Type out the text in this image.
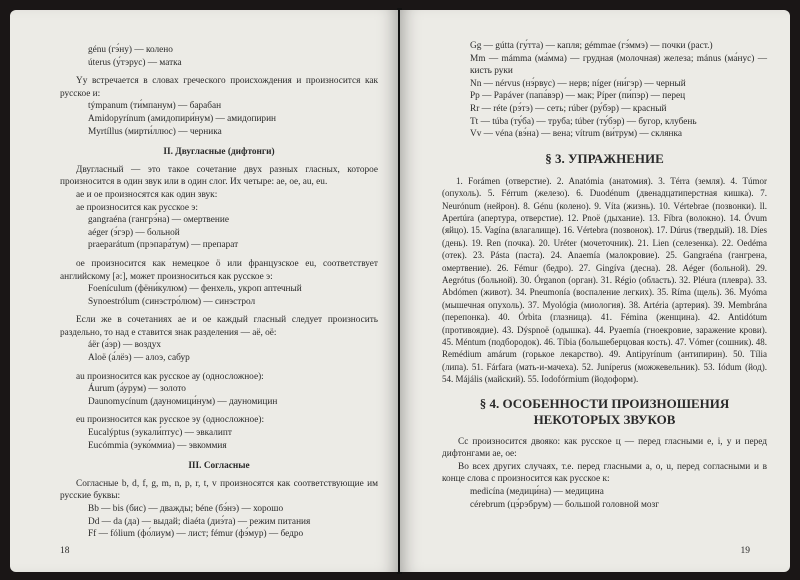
génu (гэ́ну) — колено
úterus (у́тэрус) — матка
Yy встречается в словах греческого происхождения и произносится как русское и:
týmpanum (ти́мпанум) — барабан
Amidopyrínum (амидопири́нум) — амидопирин
Myrtíllus (мирти́ллюс) — черника
II. Двугласные (дифтонги)
Двугласный — это такое сочетание двух разных гласных, которое произносится в один звук или в один слог. Их четыре: ae, oe, au, eu.
ae и oe произносятся как один звук:
ae произносится как русское э:
gangraéna (гангрэ́на) — омертвение
aéger (э́гэр) — больной
praeparátum (прэпара́тум) — препарат
oe произносится как немецкое ö или французское eu, соответствует английскому [ə:], может произноситься как русское э:
Foenículum (фёни́кулюм) — фенхель, укроп аптечный
Synoestrólum (синэстро́люм) — синэстрол
Если же в сочетаниях ae и oe каждый гласный следует произносить раздельно, то над e ставится знак разделения — aë, oë:
áër (а́эр) — воздух
Aloë (а́лёэ) — алоэ, сабур
au произносится как русское ау (односложное):
Áurum (а́урум) — золото
Daunomycínum (дауномици́нум) — дауномицин
eu произносится как русское эу (односложное):
Eucalýptus (эукали́птус) — эвкалипт
Eucómmia (эуко́ммиа) — эвкоммия
III. Согласные
Согласные b, d, f, g, m, n, p, r, t, v произносятся как соответствующие им русские буквы:
Bb — bis (бис) — дважды; béne (бэ́нэ) — хорошо
Dd — da (да) — выдай; diaéta (диэ́та) — режим питания
Ff — fólium (фо́лиум) — лист; fémur (фэ́мур) — бедро
18
Gg — gútta (гу́тта) — капля; gémmae (гэ́ммэ) — почки (раст.)
Mm — mámma (ма́мма) — грудная (молочная) железа; mánus (ма́нус) — кисть руки
Nn — nérvus (нэ́рвус) — нерв; níger (ни́гэр) — черный
Pp — Papáver (папа́вэр) — мак; Píper (пи́пэр) — перец
Rr — réte (рэ́тэ) — сеть; rúber (ру́бэр) — красный
Tt — túba (ту́ба) — труба; túber (ту́бэр) — бугор, клубень
Vv — véna (вэ́на) — вена; vítrum (ви́трум) — склянка
§ 3. УПРАЖНЕНИЕ
1. Forámen (отверстие). 2. Anatómia (анатомия). 3. Térra (земля). 4. Túmor (опухоль). 5. Férrum (железо). 6. Duodénum (двенадцатиперстная кишка). 7. Neurónum (нейрон). 8. Génu (колено). 9. Víta (жизнь). 10. Vértebrae (позвонки). ll. Apertúra (апертура, отверстие). 12. Pnoë (дыхание). 13. Fíbra (волокно). 14. Óvum (яйцо). 15. Vagína (влагалище). 16. Vértebra (позвонок). 17. Dúrus (твердый). 18. Díes (день). 19. Ren (почка). 20. Uréter (мочеточник). 21. Lien (селезенка). 22. Oedéma (отек). 23. Pásta (паста). 24. Anaemía (малокровие). 25. Gangraéna (гангрена, омертвение). 26. Fémur (бедро). 27. Gingíva (десна). 28. Aéger (больной). 29. Aegrótus (больной). 30. Órganon (орган). 31. Régio (область). 32. Pléura (плевра). 33. Abdómen (живот). 34. Pneumonía (воспаление легких). 35. Ríma (щель). 36. Myóma (мышечная опухоль). 37. Myológia (миология). 38. Artéria (артерия). 39. Membrána (перепонка). 40. Órbita (глазница). 41. Fémina (женщина). 42. Antidótum (противоядие). 43. Dýspnoë (одышка). 44. Pyaemía (гноекровие, заражение крови). 45. Méntum (подбородок). 46. Tíbia (большеберцовая кость). 47. Vómer (сошник). 48. Remédium amárum (горькое лекарство). 49. Antipyrínum (антипирин). 50. Tília (липа). 51. Fárfara (мать-и-мачеха). 52. Juníperus (можжевельник). 53. Iódum (йод). 54. Májális (майский). 55. Iodofórmium (йодоформ).
§ 4. ОСОБЕННОСТИ ПРОИЗНОШЕНИЯ
НЕКОТОРЫХ ЗВУКОВ
Cc произносится двояко: как русское ц — перед гласными e, i, y и перед дифтонгами ae, oe:
Во всех других случаях, т.е. перед гласными a, o, u, перед согласными и в конце слова c произносится как русское к:
medicína (медици́на) — медицина
cérebrum (цэ́рэбрум) — большой головной мозг
19
